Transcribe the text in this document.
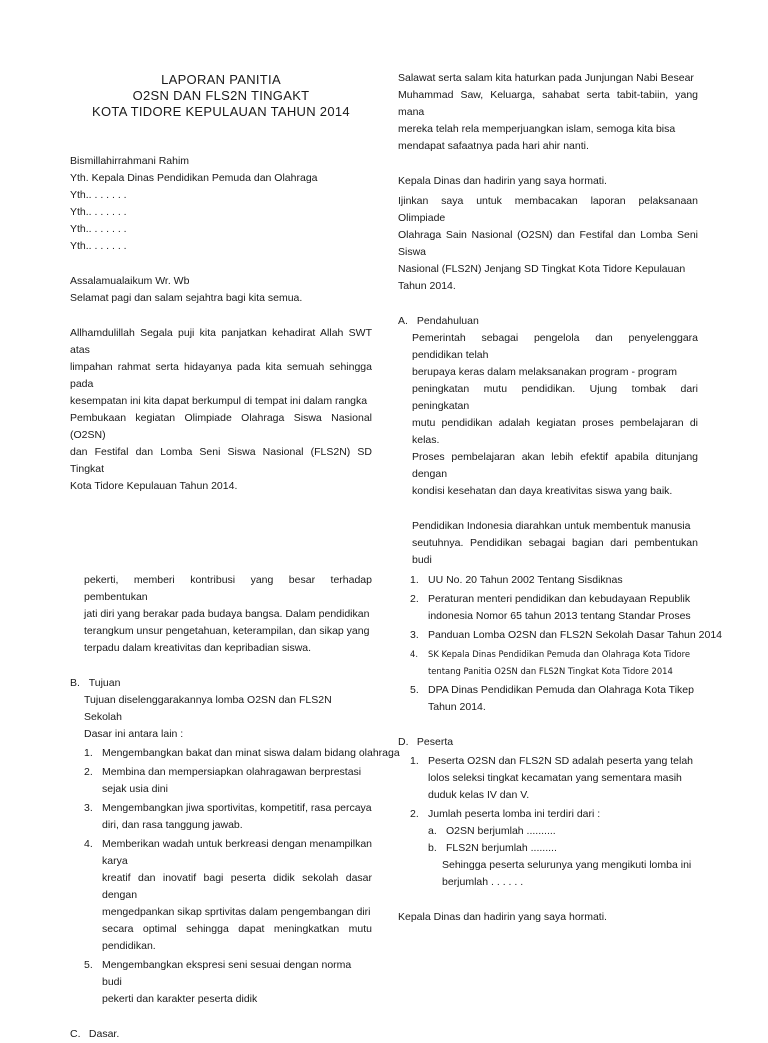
LAPORAN PANITIA
O2SN DAN FLS2N TINGAKT
KOTA TIDORE KEPULAUAN TAHUN 2014

Bismillahirrahmani Rahim

Yth. Kepala Dinas Pendidikan Pemuda dan Olahraga

Yth.. . . . . . .

Yth.. . . . . . .

Yth.. . . . . . .

Yth.. . . . . . .

Assalamualaikum Wr. Wb

Selamat pagi dan salam sejahtra bagi kita semua.

Allhamdulillah Segala puji kita panjatkan kehadirat Allah SWT atas

limpahan rahmat serta hidayanya pada kita semuah sehingga pada

kesempatan ini kita dapat berkumpul di tempat ini dalam rangka

Pembukaan kegiatan Olimpiade Olahraga Siswa Nasional (O2SN)

dan Festifal dan Lomba Seni Siswa Nasional (FLS2N) SD Tingkat

Kota Tidore Kepulauan Tahun 2014.

Salawat serta salam kita haturkan pada Junjungan Nabi Besear

Muhammad Saw, Keluarga, sahabat serta tabit-tabiin, yang mana

mereka telah rela memperjuangkan islam, semoga kita bisa

mendapat safaatnya pada hari ahir nanti.

Kepala Dinas dan hadirin yang saya hormati.

Ijinkan saya untuk membacakan laporan pelaksanaan Olimpiade

Olahraga Sain Nasional (O2SN) dan Festifal dan Lomba Seni Siswa

Nasional (FLS2N) Jenjang SD Tingkat Kota Tidore Kepulauan

Tahun 2014.

A. Pendahuluan

Pemerintah sebagai pengelola dan penyelenggara pendidikan telah

berupaya keras dalam melaksanakan program - program

peningkatan mutu pendidikan. Ujung tombak dari peningkatan

mutu pendidikan adalah kegiatan proses pembelajaran di kelas.

Proses pembelajaran akan lebih efektif apabila ditunjang dengan

kondisi kesehatan dan daya kreativitas siswa yang baik.

Pendidikan Indonesia diarahkan untuk membentuk manusia

seutuhnya. Pendidikan sebagai bagian dari pembentukan budi

pekerti, memberi kontribusi yang besar terhadap pembentukan

jati diri yang berakar pada budaya bangsa. Dalam pendidikan

terangkum unsur pengetahuan, keterampilan, dan sikap yang

terpadu dalam kreativitas dan kepribadian siswa.

B. Tujuan

Tujuan diselenggarakannya lomba O2SN dan FLS2N Sekolah

Dasar ini antara lain :

1. Mengembangkan bakat dan minat siswa dalam bidang olahraga

2. Membina dan mempersiapkan olahragawan berprestasi

sejak usia dini

3. Mengembangkan jiwa sportivitas, kompetitif, rasa percaya

diri, dan rasa tanggung jawab.

4. Memberikan wadah untuk berkreasi dengan menampilkan karya

kreatif dan inovatif bagi peserta didik sekolah dasar dengan

mengedpankan sikap sprtivitas dalam pengembangan diri

secara optimal sehingga dapat meningkatkan mutu pendidikan.

5. Mengembangkan ekspresi seni sesuai dengan norma budi

pekerti dan karakter peserta didik

C. Dasar.

1. UU No. 20 Tahun 2002 Tentang Sisdiknas

2. Peraturan menteri pendidikan dan kebudayaan Republik

indonesia Nomor 65 tahun 2013 tentang Standar Proses

3. Panduan Lomba O2SN dan FLS2N Sekolah Dasar Tahun 2014

4. SK Kepala Dinas Pendidikan Pemuda dan Olahraga Kota Tidore

tentang Panitia O2SN dan FLS2N Tingkat Kota Tidore 2014

5. DPA Dinas Pendidikan Pemuda dan Olahraga Kota Tikep

Tahun 2014.

D. Peserta

1. Peserta O2SN dan FLS2N SD adalah peserta yang telah

lolos seleksi tingkat kecamatan yang sementara masih

duduk kelas IV dan V.

2. Jumlah peserta lomba ini terdiri dari :

a. O2SN berjumlah ..........

b. FLS2N berjumlah .........

Sehingga peserta selurunya yang mengikuti lomba ini

berjumlah . . . . . .

Kepala Dinas dan hadirin yang saya hormati.
